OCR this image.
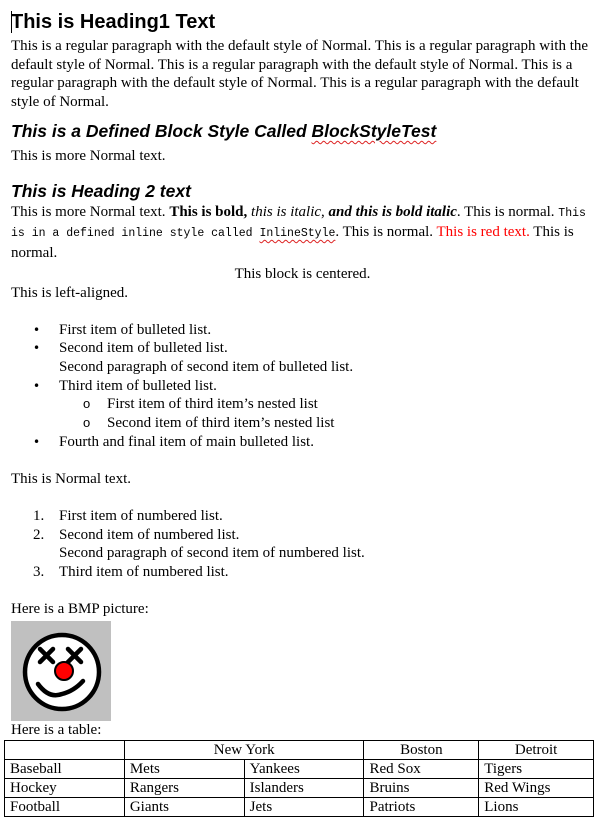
This is Heading1 Text

This is a regular paragraph with the default style of Normal. This is a regular paragraph with the default style of Normal. This is a regular paragraph with the default style of Normal. This is a regular paragraph with the default style of Normal. This is a regular paragraph with the default style of Normal.

This is a Defined Block Style Called BlockStyleTest

This is more Normal text.

This is Heading 2 text

This is more Normal text. This is bold, this is italic, and this is bold italic. This is normal. This is in a defined inline style called InlineStyle. This is normal. This is red text. This is normal.

This block is centered.

This is left-aligned.

• First item of bulleted list.
• Second item of bulleted list.
Second paragraph of second item of bulleted list.
• Third item of bulleted list.
o First item of third item’s nested list
o Second item of third item’s nested list
• Fourth and final item of main bulleted list.

This is Normal text.

1. First item of numbered list.
2. Second item of numbered list.
Second paragraph of second item of numbered list.
3. Third item of numbered list.

Here is a BMP picture:

Here is a table:

	New York		Boston	Detroit
Baseball	Mets	Yankees	Red Sox	Tigers
Hockey	Rangers	Islanders	Bruins	Red Wings
Football	Giants	Jets	Patriots	Lions
